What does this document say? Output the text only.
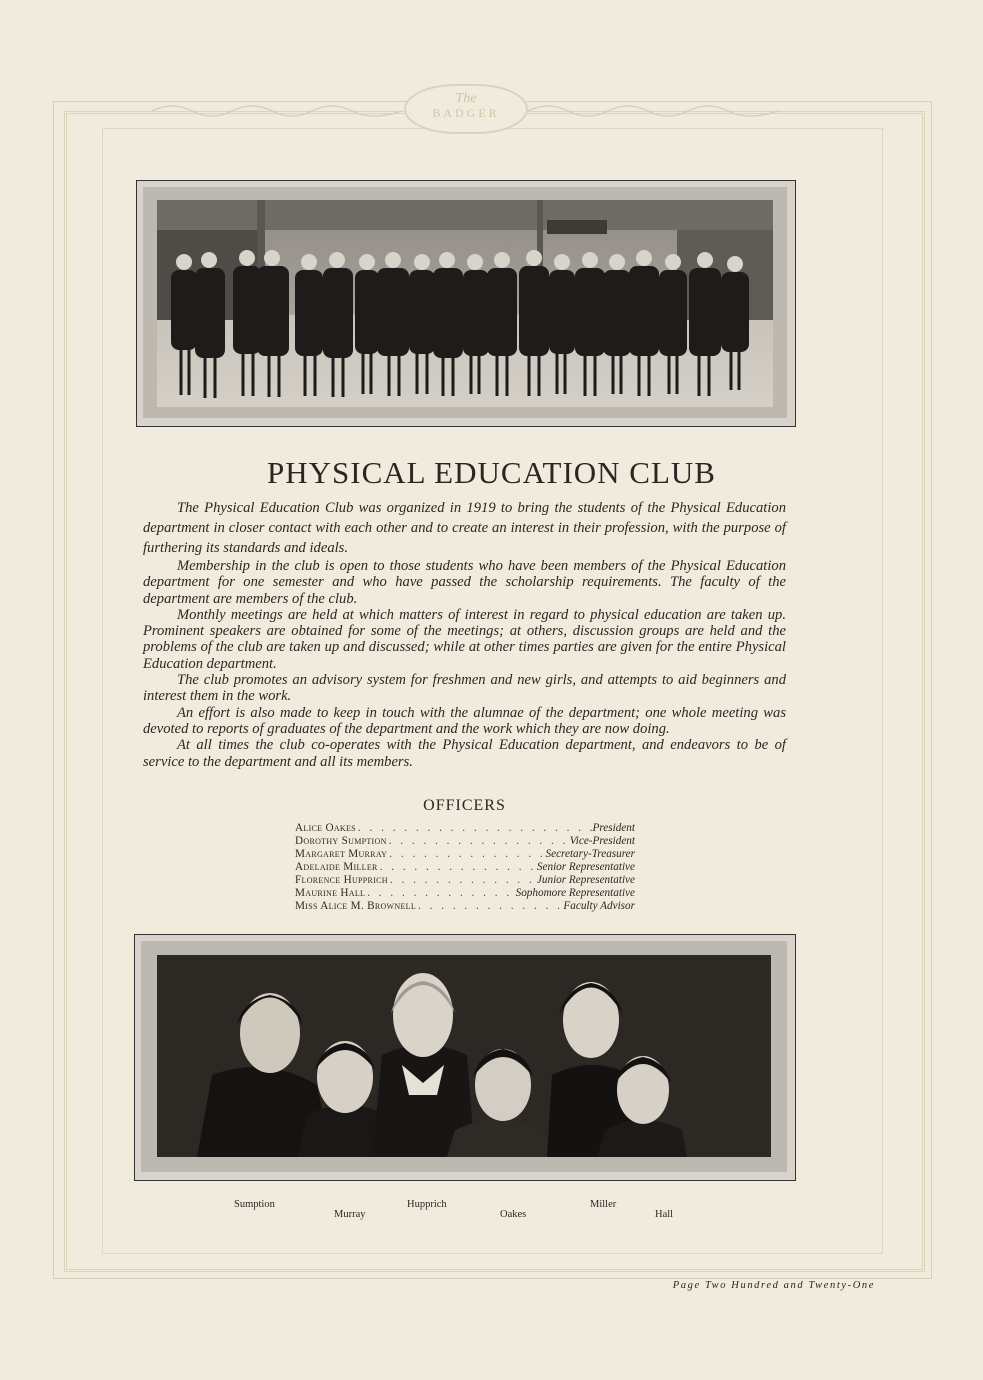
The
BADGER
PHYSICAL EDUCATION CLUB

The Physical Education Club was organized in 1919 to bring the students of the Physical Education department in closer contact with each other and to create an interest in their profession, with the purpose of furthering its standards and ideals.

Membership in the club is open to those students who have been members of the Physical Education department for one semester and who have passed the scholarship requirements. The faculty of the department are members of the club.

Monthly meetings are held at which matters of interest in regard to physical education are taken up. Prominent speakers are obtained for some of the meetings; at others, discussion groups are held and the problems of the club are taken up and discussed; while at other times parties are given for the entire Physical Education department.

The club promotes an advisory system for freshmen and new girls, and attempts to aid beginners and interest them in the work.

An effort is also made to keep in touch with the alumnae of the department; one whole meeting was devoted to reports of graduates of the department and the work which they are now doing.

At all times the club co-operates with the Physical Education department, and endeavors to be of service to the department and all its members.

OFFICERS
Alice Oakes . . .	President
Dorothy Sumption . . .	Vice-President
Margaret Murray . . .	Secretary-Treasurer
Adelaide Miller . . .	Senior Representative
Florence Hupprich . . .	Junior Representative
Maurine Hall . . .	Sophomore Representative
Miss Alice M. Brownell . . .	Faculty Advisor
Sumption
Murray
Hupprich
Oakes
Miller
Hall
Page Two Hundred and Twenty-One
